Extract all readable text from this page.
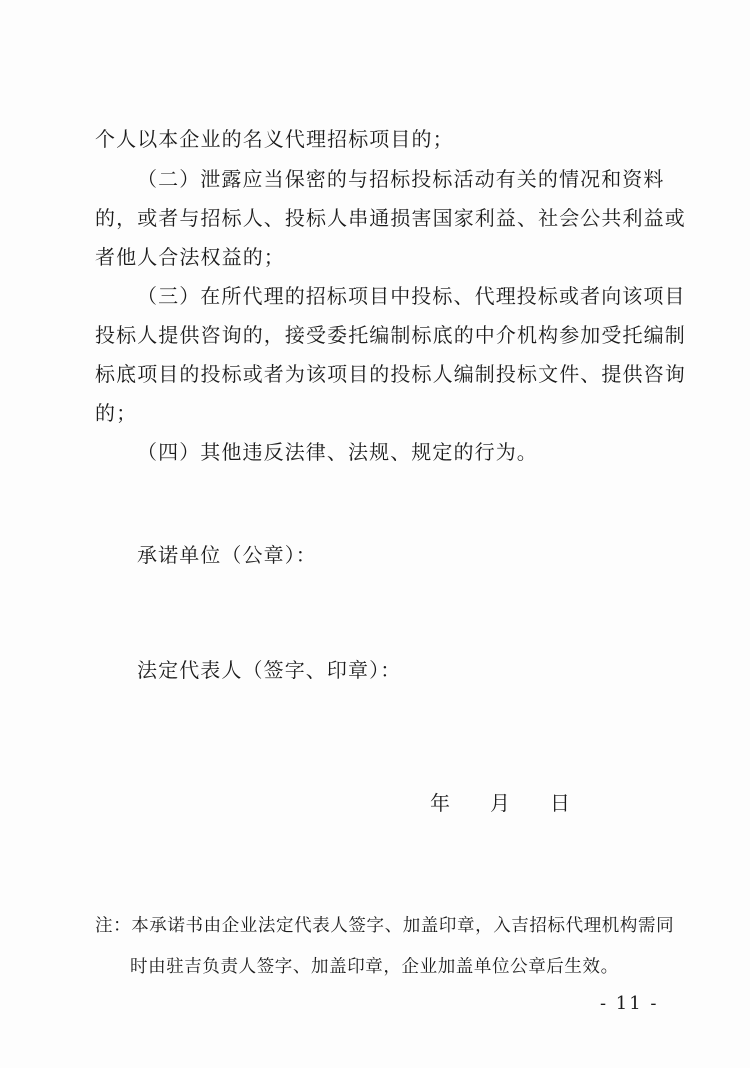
个人以本企业的名义代理招标项目的；
（二）泄露应当保密的与招标投标活动有关的情况和资料
的，或者与招标人、投标人串通损害国家利益、社会公共利益或
者他人合法权益的；
（三）在所代理的招标项目中投标、代理投标或者向该项目
投标人提供咨询的，接受委托编制标底的中介机构参加受托编制
标底项目的投标或者为该项目的投标人编制投标文件、提供咨询
的；
（四）其他违反法律、法规、规定的行为。
承诺单位（公章）：
法定代表人（签字、印章）：
年	月	日
注：本承诺书由企业法定代表人签字、加盖印章，入吉招标代理机构需同
时由驻吉负责人签字、加盖印章，企业加盖单位公章后生效。
- 11 -
